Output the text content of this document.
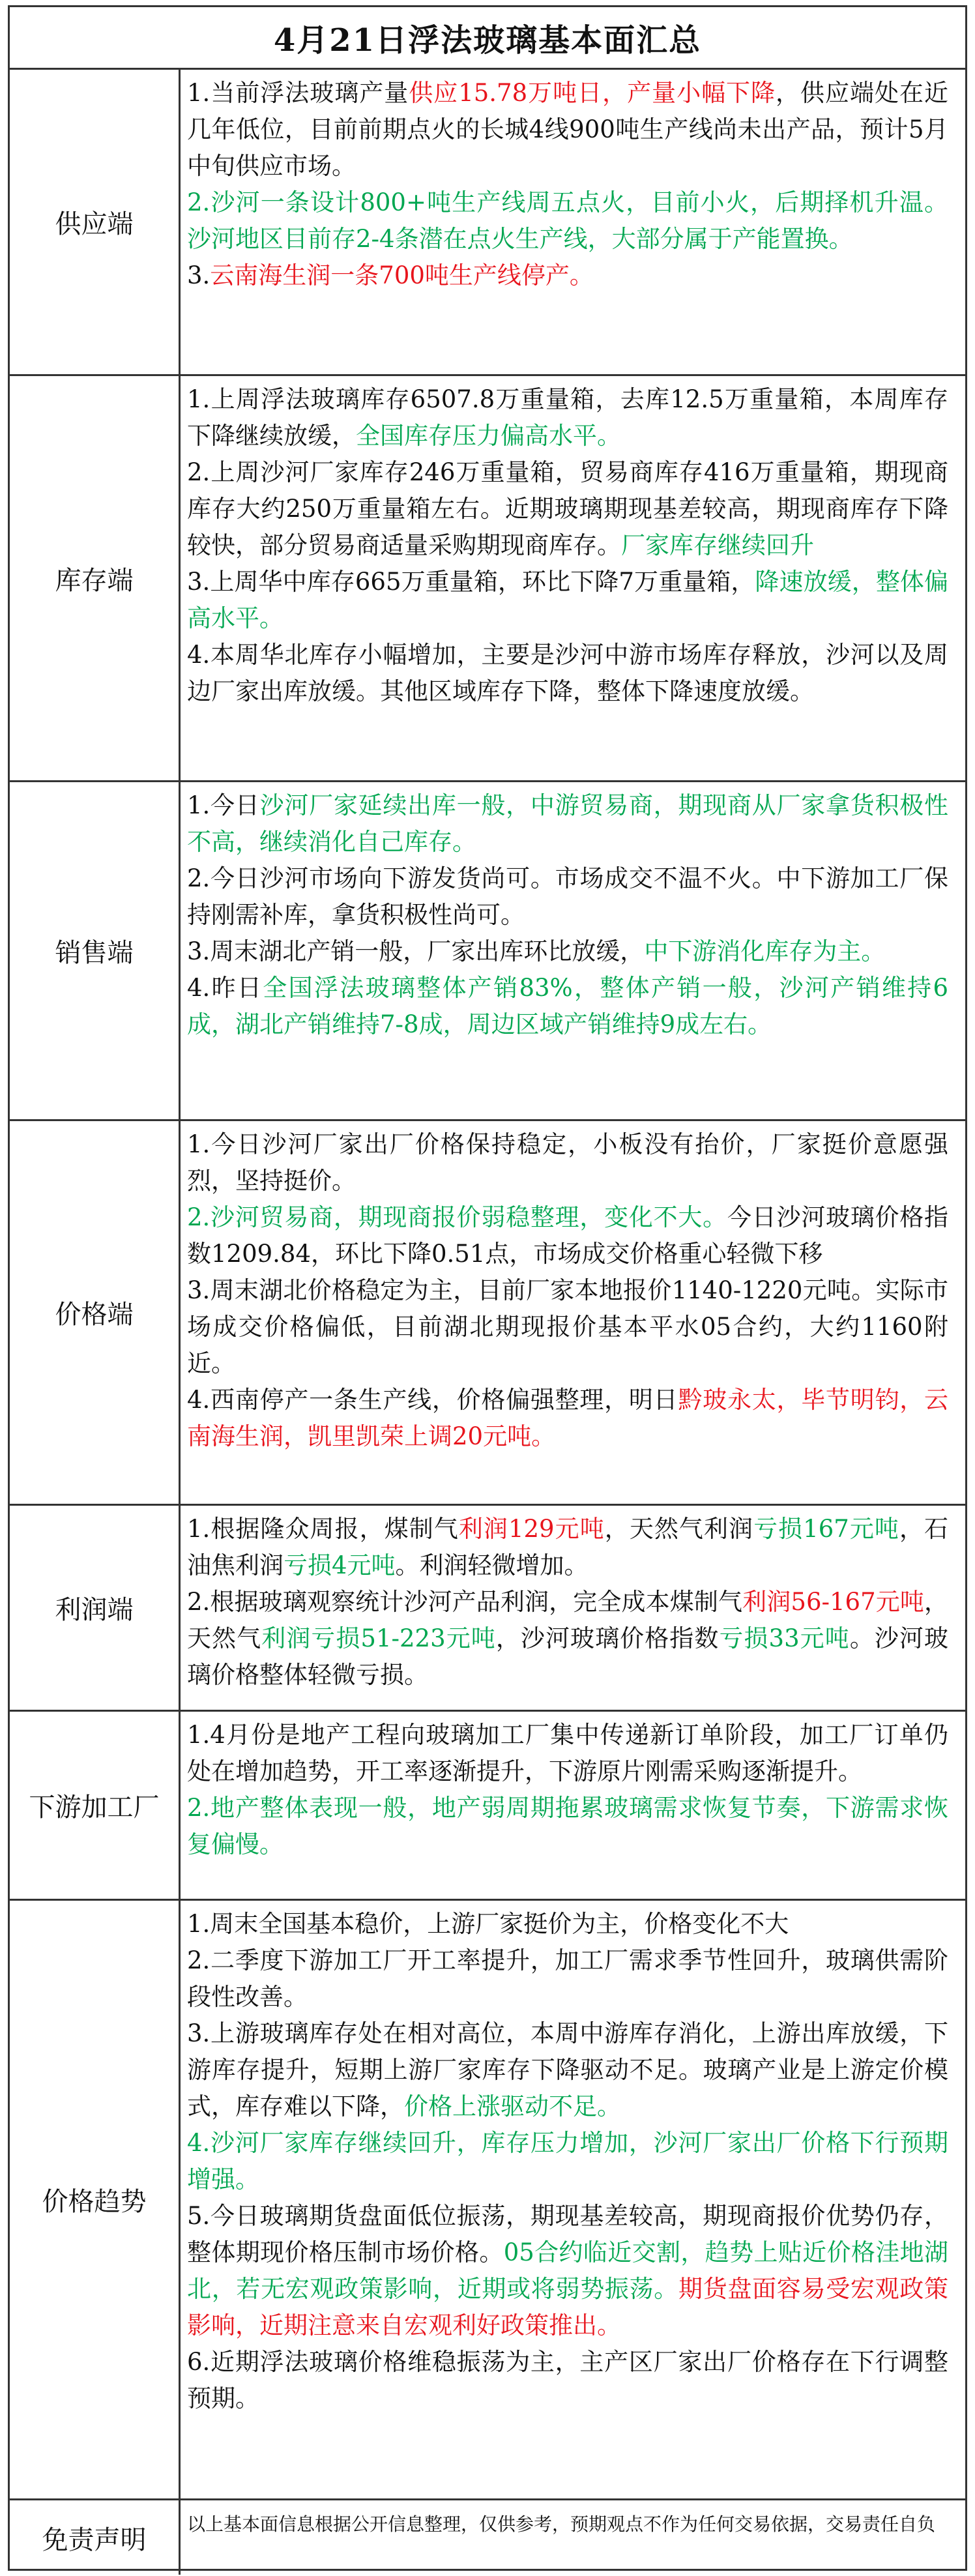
4月21日浮法玻璃基本面汇总
供应端

1.当前浮法玻璃产量供应15.78万吨日，产量小幅下降，供应端处在近几年低位，目前前期点火的长城4线900吨生产线尚未出产品，预计5月中旬供应市场。

2.沙河一条设计800+吨生产线周五点火，目前小火，后期择机升温。沙河地区目前存2-4条潜在点火生产线，大部分属于产能置换。

3.云南海生润一条700吨生产线停产。

库存端

1.上周浮法玻璃库存6507.8万重量箱，去库12.5万重量箱，本周库存下降继续放缓，全国库存压力偏高水平。

2.上周沙河厂家库存246万重量箱，贸易商库存416万重量箱，期现商库存大约250万重量箱左右。近期玻璃期现基差较高，期现商库存下降较快，部分贸易商适量采购期现商库存。厂家库存继续回升

3.上周华中库存665万重量箱，环比下降7万重量箱，降速放缓，整体偏高水平。

4.本周华北库存小幅增加，主要是沙河中游市场库存释放，沙河以及周边厂家出库放缓。其他区域库存下降，整体下降速度放缓。

销售端

1.今日沙河厂家延续出库一般，中游贸易商，期现商从厂家拿货积极性不高，继续消化自己库存。

2.今日沙河市场向下游发货尚可。市场成交不温不火。中下游加工厂保持刚需补库，拿货积极性尚可。

3.周末湖北产销一般，厂家出库环比放缓，中下游消化库存为主。

4.昨日全国浮法玻璃整体产销83%，整体产销一般，沙河产销维持6成，湖北产销维持7-8成，周边区域产销维持9成左右。

价格端

1.今日沙河厂家出厂价格保持稳定，小板没有抬价，厂家挺价意愿强烈，坚持挺价。

2.沙河贸易商，期现商报价弱稳整理，变化不大。今日沙河玻璃价格指数1209.84，环比下降0.51点，市场成交价格重心轻微下移

3.周末湖北价格稳定为主，目前厂家本地报价1140-1220元吨。实际市场成交价格偏低，目前湖北期现报价基本平水05合约，大约1160附近。

4.西南停产一条生产线，价格偏强整理，明日黔玻永太，毕节明钧，云南海生润，凯里凯荣上调20元吨。

利润端

1.根据隆众周报，煤制气利润129元吨，天然气利润亏损167元吨，石油焦利润亏损4元吨。利润轻微增加。

2.根据玻璃观察统计沙河产品利润，完全成本煤制气利润56-167元吨，天然气利润亏损51-223元吨，沙河玻璃价格指数亏损33元吨。沙河玻璃价格整体轻微亏损。

下游加工厂

1.4月份是地产工程向玻璃加工厂集中传递新订单阶段，加工厂订单仍处在增加趋势，开工率逐渐提升，下游原片刚需采购逐渐提升。

2.地产整体表现一般，地产弱周期拖累玻璃需求恢复节奏，下游需求恢复偏慢。

价格趋势

1.周末全国基本稳价，上游厂家挺价为主，价格变化不大

2.二季度下游加工厂开工率提升，加工厂需求季节性回升，玻璃供需阶段性改善。

3.上游玻璃库存处在相对高位，本周中游库存消化，上游出库放缓，下游库存提升，短期上游厂家库存下降驱动不足。玻璃产业是上游定价模式，库存难以下降，价格上涨驱动不足。

4.沙河厂家库存继续回升，库存压力增加，沙河厂家出厂价格下行预期增强。

5.今日玻璃期货盘面低位振荡，期现基差较高，期现商报价优势仍存，整体期现价格压制市场价格。05合约临近交割，趋势上贴近价格洼地湖北，若无宏观政策影响，近期或将弱势振荡。期货盘面容易受宏观政策影响，近期注意来自宏观利好政策推出。

6.近期浮法玻璃价格维稳振荡为主，主产区厂家出厂价格存在下行调整预期。

免责声明
以上基本面信息根据公开信息整理，仅供参考，预期观点不作为任何交易依据，交易责任自负
